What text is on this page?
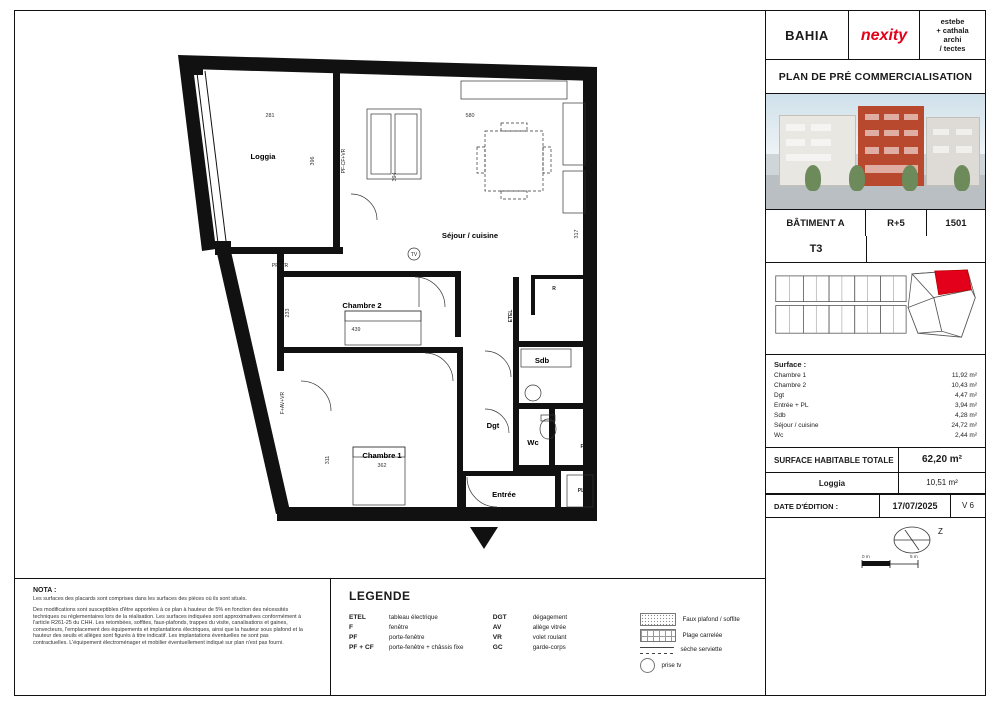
Loggia
Séjour / cuisine
Chambre 2
Chambre 1
Sdb
Dgt
Wc
Entrée
R
F
PL
281	580
396
394
317
233
439
311
362
PF-CF+VR
PF+VR
F+AV+VR
ETEL
TV
BAHIA	nexity
estebe
+ cathala
archi
/ tectes
PLAN DE PRÉ COMMERCIALISATION
BÂTIMENT A	R+5	1501
T3
Surface :
Chambre 1	11,92 m²
Chambre 2	10,43 m²
Dgt	4,47 m²
Entrée + PL	3,94 m²
Sdb	4,28 m²
Séjour / cuisine	24,72 m²
Wc	2,44 m²
SURFACE HABITABLE TOTALE	62,20 m²
Loggia	10,51 m²
DATE D'ÉDITION :	17/07/2025	V 6
Z
0 m	5 m
NOTA :

Les surfaces des placards sont comprises dans les surfaces des pièces où ils sont situés.

Des modifications sont susceptibles d'être apportées à ce plan à hauteur de 5% en fonction des nécessités techniques ou réglementaires lors de la réalisation. Les surfaces indiquées sont approximatives conformément à l'article R261-25 du CHH. Les retombées, soffites, faux-plafonds, trappes du visite, canalisations et gaines, convecteurs, l'emplacement des équipements et implantations électriques, ainsi que la hauteur sous plafond et la hauteur des seuils et allèges sont figurés à titre indicatif. Les implantations éventuelles ne sont pas contractuelles. L'équipement électroménager et mobilier éventuellement indiqué sur plan n'est pas fourni.

LEGENDE
ETEL	tableau électrique
F	fenêtre
PF	porte-fenêtre
PF + CF	porte-fenêtre + châssis fixe
DGT	dégagement
AV	allège vitrée
VR	volet roulant
GC	garde-corps
Faux plafond / soffite
Plage carrelée
sèche serviette
prise tv
